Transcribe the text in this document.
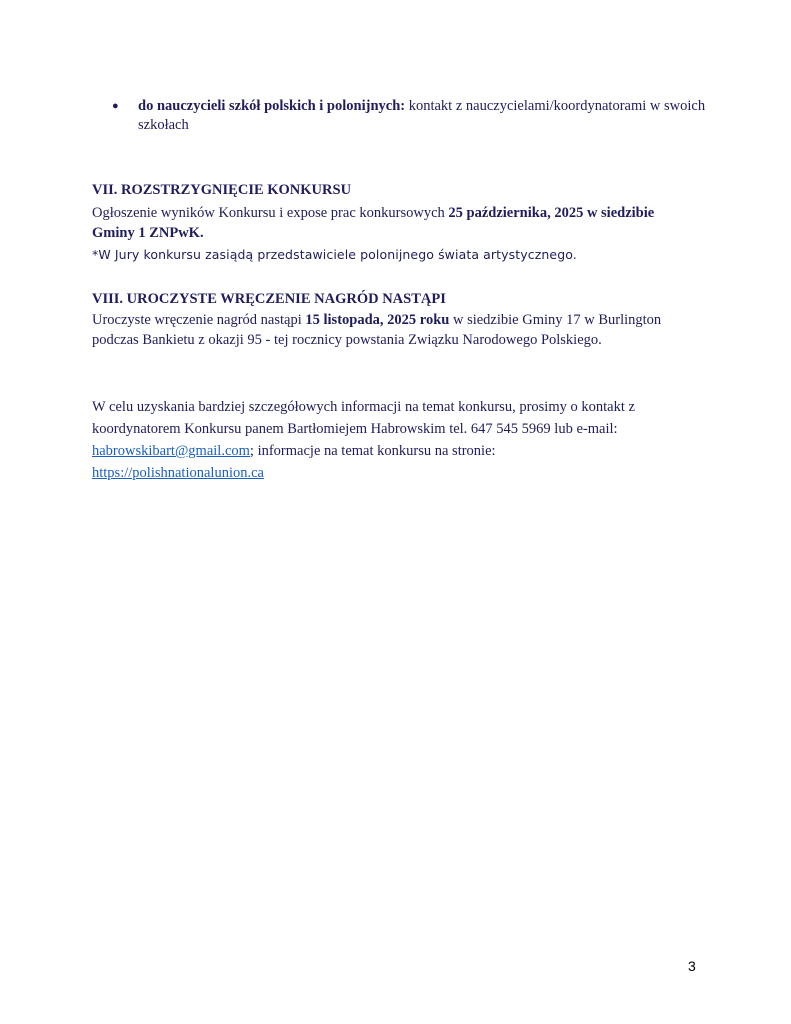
●	do nauczycieli szkół polskich i polonijnych: kontakt z nauczycielami/koordynatorami w swoich szkołach
VII. ROZSTRZYGNIĘCIE KONKURSU

Ogłoszenie wyników Konkursu i expose prac konkursowych 25 października, 2025 w siedzibie Gminy 1 ZNPwK.

*W Jury konkursu zasiądą przedstawiciele polonijnego świata artystycznego.

VIII. UROCZYSTE WRĘCZENIE NAGRÓD NASTĄPI

Uroczyste wręczenie nagród nastąpi 15 listopada, 2025 roku w siedzibie Gminy 17 w Burlington podczas Bankietu z okazji 95 - tej rocznicy powstania Związku Narodowego Polskiego.

W celu uzyskania bardziej szczegółowych informacji na temat konkursu, prosimy o kontakt z koordynatorem Konkursu panem Bartłomiejem Habrowskim tel. 647 545 5969 lub e-mail: habrowskibart@gmail.com; informacje na temat konkursu na stronie:
https://polishnationalunion.ca

3
